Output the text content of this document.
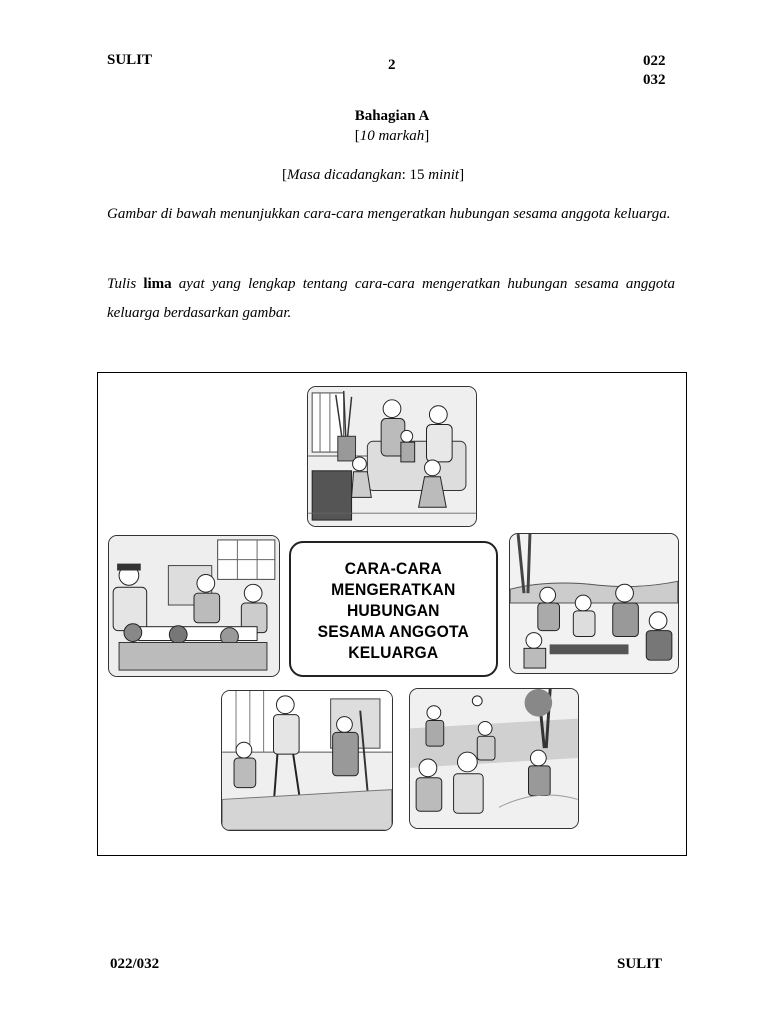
SULIT	2	022
032
Bahagian A
[10 markah]
[Masa dicadangkan: 15 minit]
Gambar di bawah menunjukkan cara-cara mengeratkan hubungan sesama anggota keluarga.
Tulis lima ayat yang lengkap tentang cara-cara mengeratkan hubungan sesama anggota keluarga berdasarkan gambar.
CARA-CARA
MENGERATKAN
HUBUNGAN
SESAMA ANGGOTA
KELUARGA
022/032	SULIT
